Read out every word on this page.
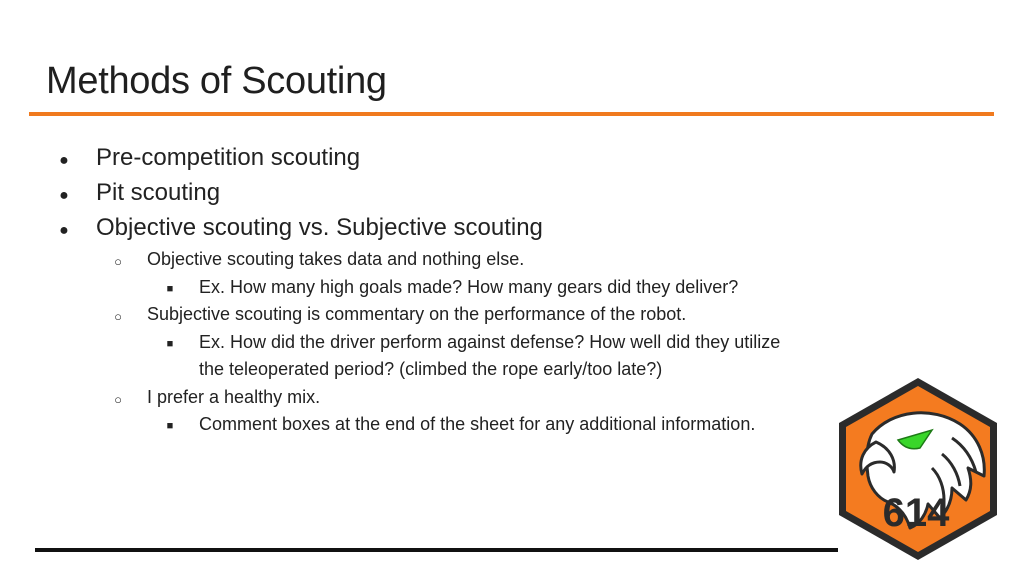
Methods of Scouting
● Pre-competition scouting
● Pit scouting
● Objective scouting vs. Subjective scouting
○ Objective scouting takes data and nothing else.
■ Ex. How many high goals made? How many gears did they deliver?
○ Subjective scouting is commentary on the performance of the robot.
■ Ex. How did the driver perform against defense? How well did they utilize
the teleoperated period? (climbed the rope early/too late?)
○ I prefer a healthy mix.
■ Comment boxes at the end of the sheet for any additional information.
614
